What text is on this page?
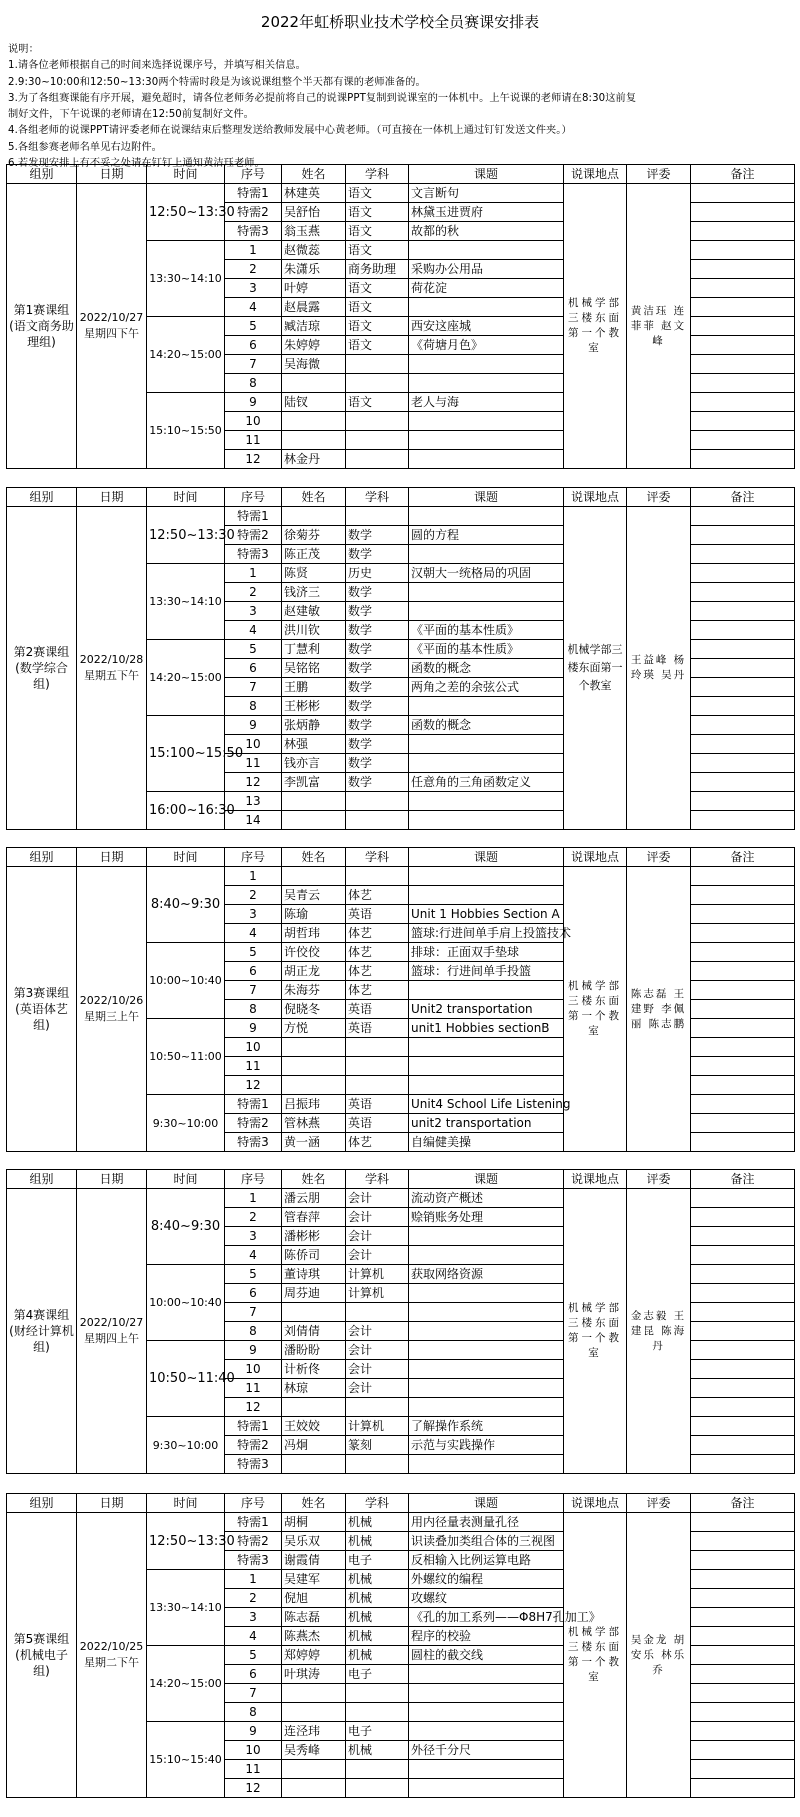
2022年虹桥职业技术学校全员赛课安排表
说明：
1.请各位老师根据自己的时间来选择说课序号，并填写相关信息。
2.9:30~10:00和12:50~13:30两个特需时段是为该说课组整个半天都有课的老师准备的。
3.为了各组赛课能有序开展，避免超时，请各位老师务必提前将自己的说课PPT复制到说课室的一体机中。上午说课的老师请在8:30这前复
制好文件，下午说课的老师请在12:50前复制好文件。
4.各组老师的说课PPT请评委老师在说课结束后整理发送给教师发展中心黄老师。（可直接在一体机上通过钉钉发送文件夹。）
5.各组参赛老师名单见右边附件。
6.若发现安排上有不妥之处请在钉钉上通知黄洁珏老师。
组别	日期	时间	序号	姓名	学科	课题	说课地点	评委	备注
第1赛课组(语文商务助理组)	2022/10/27 星期四下午	12:50~13:30	特需1	林建英	语文	文言断句	机械学部三楼东面第一个教室	黄洁珏 连菲菲 赵文峰	
			特需2	吴舒怡	语文	林黛玉进贾府			
			特需3	翁玉燕	语文	故都的秋			
		13:30~14:10	1	赵微蕊	语文				
			2	朱潇乐	商务助理	采购办公用品			
			3	叶婷	语文	荷花淀			
			4	赵晨露	语文				
		14:20~15:00	5	臧洁琼	语文	西安这座城			
			6	朱婷婷	语文	《荷塘月色》			
			7	吴海微					
			8						
		15:10~15:50	9	陆钗	语文	老人与海			
			10						
			11						
			12	林金丹					
组别	日期	时间	序号	姓名	学科	课题	说课地点	评委	备注
第2赛课组(数学综合组)	2022/10/28 星期五下午	12:50~13:30	特需1				机械学部三楼东面第一个教室	王益峰 杨玲瑛 吴丹	
			特需2	徐菊芬	数学	圆的方程			
			特需3	陈正茂	数学				
		13:30~14:10	1	陈贤	历史	汉朝大一统格局的巩固			
			2	钱济三	数学				
			3	赵建敏	数学				
			4	洪川钦	数学	《平面的基本性质》			
		14:20~15:00	5	丁慧利	数学	《平面的基本性质》			
			6	吴铭铭	数学	函数的概念			
			7	王鹏	数学	两角之差的余弦公式			
			8	王彬彬	数学				
		15:100~15:50	9	张炳静	数学	函数的概念			
			10	林强	数学				
			11	钱亦言	数学				
			12	李凯富	数学	任意角的三角函数定义			
		16:00~16:30	13						
			14						
组别	日期	时间	序号	姓名	学科	课题	说课地点	评委	备注
第3赛课组(英语体艺组)	2022/10/26 星期三上午	8:40~9:30	1				机械学部三楼东面第一个教室	陈志磊 王建野 李佩丽 陈志鹏	
			2	吴青云	体艺				
			3	陈瑜	英语	Unit 1 Hobbies Section A			
			4	胡哲玮	体艺	篮球:行进间单手肩上投篮技术			
		10:00~10:40	5	许佼佼	体艺	排球：正面双手垫球			
			6	胡正龙	体艺	篮球：行进间单手投篮			
			7	朱海芬	体艺				
			8	倪晓冬	英语	Unit2 transportation			
		10:50~11:00	9	方悦	英语	unit1 Hobbies sectionB			
			10						
			11						
			12						
		9:30~10:00	特需1	吕振玮	英语	Unit4 School Life Listening			
			特需2	管林燕	英语	unit2 transportation			
			特需3	黄一涵	体艺	自编健美操			
组别	日期	时间	序号	姓名	学科	课题	说课地点	评委	备注
第4赛课组(财经计算机组)	2022/10/27 星期四上午	8:40~9:30	1	潘云朋	会计	流动资产概述	机械学部三楼东面第一个教室	金志毅 王建昆 陈海丹	
			2	管春萍	会计	赊销账务处理			
			3	潘彬彬	会计				
			4	陈侨司	会计				
		10:00~10:40	5	董诗琪	计算机	获取网络资源			
			6	周芬迪	计算机				
			7						
			8	刘倩倩	会计				
		10:50~11:40	9	潘盼盼	会计				
			10	计析佟	会计				
			11	林琼	会计				
			12						
		9:30~10:00	特需1	王姣姣	计算机	了解操作系统			
			特需2	冯炯	篆刻	示范与实践操作			
			特需3						
组别	日期	时间	序号	姓名	学科	课题	说课地点	评委	备注
第5赛课组(机械电子组)	2022/10/25 星期二下午	12:50~13:30	特需1	胡桐	机械	用内径量表测量孔径	机械学部三楼东面第一个教室	吴金龙 胡安乐 林乐乔	
			特需2	吴乐双	机械	识读叠加类组合体的三视图			
			特需3	谢霞倩	电子	反相输入比例运算电路			
		13:30~14:10	1	吴建军	机械	外螺纹的编程			
			2	倪旭	机械	攻螺纹			
			3	陈志磊	机械	《孔的加工系列——Φ8H7孔加工》			
			4	陈燕杰	机械	程序的校验			
		14:20~15:00	5	郑婷婷	机械	圆柱的截交线			
			6	叶琪涛	电子				
			7						
			8						
		15:10~15:40	9	连泾玮	电子				
			10	吴秀峰	机械	外径千分尺			
			11						
			12						
